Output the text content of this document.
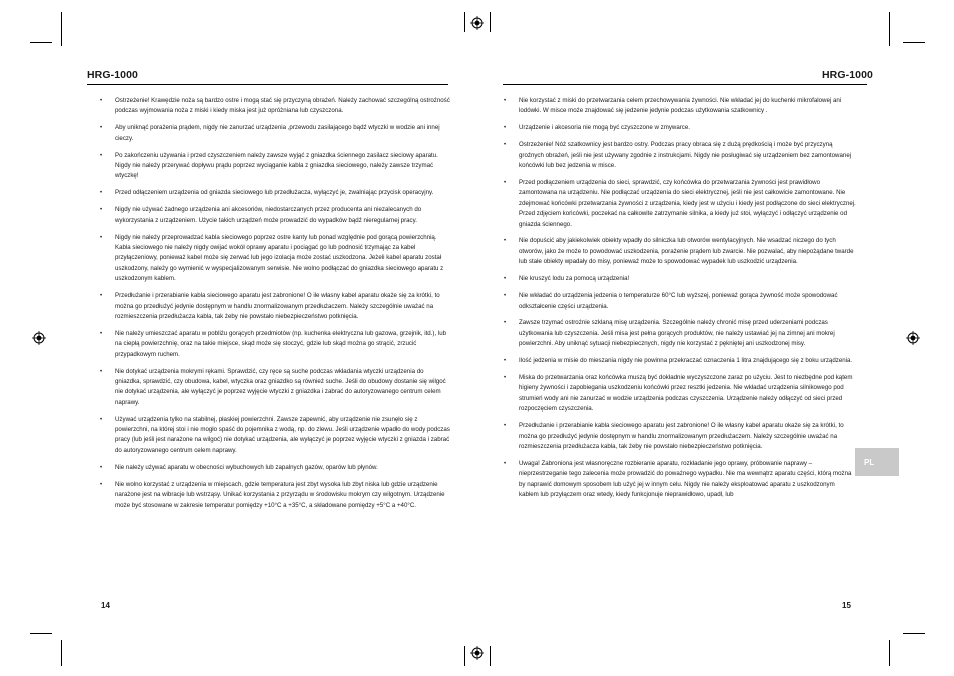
HRG-1000
• Ostrzeżenie! Krawędzie noża są bardzo ostre i mogą stać się przyczyną obrażeń. Należy zachować szczególną ostrożność podczas wyjmowania noża z miski i kiedy miska jest już opróżniana lub czyszczona.
• Aby uniknąć porażenia prądem, nigdy nie zanurzać urządzenia ,przewodu zasilającego bądź wtyczki w wodzie ani innej cieczy.
• Po zakończeniu używania i przed czyszczeniem należy zawsze wyjąć z gniazdka ściennego zasilacz sieciowy aparatu. Nigdy nie należy przerywać dopływu prądu poprzez wyciąganie kabla z gniazdka sieciowego, należy zawsze trzymać wtyczkę!
• Przed odłączeniem urządzenia od gniazda sieciowego lub przedłużacza, wyłączyć je, zwalniając przycisk operacyjny.
• Nigdy nie używać żadnego urządzenia ani akcesoriów, niedostarczanych przez producenta ani niezalecanych do wykorzystania z urządzeniem. Użycie takich urządzeń może prowadzić do wypadków bądź nieregularnej pracy.
• Nigdy nie należy przeprowadzać kabla sieciowego poprzez ostre kanty lub ponad względnie pod gorącą powierzchnią. Kabla sieciowego nie należy nigdy owijać wokół oprawy aparatu i pociągać go lub podnosić trzymając za kabel przyłączeniowy, ponieważ kabel może się zerwać lub jego izolacja może zostać uszkodzona. Jeżeli kabel aparatu został uszkodzony, należy go wymienić w wyspecjalizowanym serwisie. Nie wolno podłączać do gniazdka sieciowego aparatu z uszkodzonym kablem.
• Przedłużanie i przerabianie kabla sieciowego aparatu jest zabronione! O ile własny kabel aparatu okaże się za krótki, to można go przedłużyć jedynie dostępnym w handlu znormalizowanym przedłużaczem. Należy szczególnie uważać na rozmieszczenia przedłużacza kabla, tak żeby nie powstało niebezpieczeństwo potknięcia.
• Nie należy umieszczać aparatu w pobliżu gorących przedmiotów (np. kuchenka elektryczna lub gazowa, grzejnik, itd.), lub na ciepłą powierzchnię, oraz na takie miejsce, skąd może się stoczyć, gdzie lub skąd można go strącić, zrzucić przypadkowym ruchem.
• Nie dotykać urządzenia mokrymi rękami. Sprawdzić, czy ręce są suche podczas wkładania wtyczki urządzenia do gniazdka, sprawdzić, czy obudowa, kabel, wtyczka oraz gniazdko są również suche. Jeśli do obudowy dostanie się wilgoć nie dotykać urządzenia, ale wyłączyć je poprzez wyjęcie wtyczki z gniazdka i zabrać do autoryzowanego centrum celem naprawy.
• Używać urządzenia tylko na stabilnej, płaskiej powierzchni. Zawsze zapewnić, aby urządzenie nie zsunęło się z powierzchni, na której stoi i nie mogło spaść do pojemnika z wodą, np. do zlewu. Jeśli urządzenie wpadło do wody podczas pracy (lub jeśli jest narażone na wilgoć) nie dotykać urządzenia, ale wyłączyć je poprzez wyjęcie wtyczki z gniazda i zabrać do autoryzowanego centrum celem naprawy.
• Nie należy używać aparatu w obecności wybuchowych lub zapalnych gazów, oparów lub płynów.
• Nie wolno korzystać z urządzenia w miejscach, gdzie temperatura jest zbyt wysoka lub zbyt niska lub gdzie urządzenie narażone jest na wibracje lub wstrząsy. Unikać korzystania z przyrządu w środowisku mokrym czy wilgotnym. Urządzenie może być stosowane w zakresie temperatur pomiędzy +10°C a +35°C, a składowane pomiędzy +5°C a +40°C.
14
HRG-1000
• Nie korzystać z miski do przetwarzania celem przechowywania żywności. Nie wkładać jej do kuchenki mikrofalowej ani lodówki. W misce może znajdować się jedzenie jedynie podczas użytkowania szatkownicy .
• Urządzenie i akcesoria nie mogą być czyszczone w zmywarce.
• Ostrzeżenie! Nóż szatkownicy jest bardzo ostry. Podczas pracy obraca się z dużą prędkością i może być przyczyną groźnych obrażeń, jeśli nie jest używany zgodnie z instrukcjami. Nigdy nie posługiwać się urządzeniem bez zamontowanej końcówki lub bez jedzenia w misce.
• Przed podłączeniem urządzenia do sieci, sprawdzić, czy końcówka do przetwarzania żywności jest prawidłowo zamontowana na urządzeniu. Nie podłączać urządzenia do sieci elektrycznej, jeśli nie jest całkowicie zamontowane. Nie zdejmować końcówki przetwarzania żywności z urządzenia, kiedy jest w użyciu i kiedy jest podłączone do sieci elektrycznej. Przed zdjęciem końcówki, poczekać na całkowite zatrzymanie silnika, a kiedy już stoi, wyłączyć i odłączyć urządzenie od gniazda ściennego.
• Nie dopuścić aby jakiekolwiek obiekty wpadły do silniczka lub otworów wentylacyjnych. Nie wsadzać niczego do tych otworów, jako że może to powodować uszkodzenia, porażenie prądem lub zwarcie. Nie pozwalać, aby niepożądane twarde lub stałe obiekty wpadały do misy, ponieważ może to spowodować wypadek lub uszkodzić urządzenia.
• Nie kruszyć lodu za pomocą urządzenia!
• Nie wkładać do urządzenia jedzenia o temperaturze 60°C lub wyższej, ponieważ gorąca żywność może spowodować odkształcenie części urządzenia.
• Zawsze trzymać ostrożnie szklaną misę urządzenia. Szczególnie należy chronić misę przed uderzeniami podczas użytkowania lub czyszczenia. Jeśli misa jest pełna gorących produktów, nie należy ustawiać jej na zimnej ani mokrej powierzchni. Aby uniknąć sytuacji niebezpiecznych, nigdy nie korzystać z pękniętej ani uszkodzonej misy.
• Ilość jedzenia w misie do mieszania nigdy nie powinna przekraczać oznaczenia 1 litra znajdującego się z boku urządzenia.
• Miska do przetwarzania oraz końcówka muszą być dokładnie wyczyszczone zaraz po użyciu. Jest to niezbędne pod kątem higieny żywności i zapobiegania uszkodzeniu końcówki przez resztki jedzenia. Nie wkładać urządzenia silnikowego pod strumień wody ani nie zanurzać w wodzie urządzenia podczas czyszczenia. Urządzenie należy odłączyć od sieci przed rozpoczęciem czyszczenia.
• Przedłużanie i przerabianie kabla sieciowego aparatu jest zabronione! O ile własny kabel aparatu okaże się za krótki, to można go przedłużyć jedynie dostępnym w handlu znormalizowanym przedłużaczem. Należy szczególnie uważać na rozmieszczenia przedłużacza kabla, tak żeby nie powstało niebezpieczeństwo potknięcia.
• Uwaga! Zabroniona jest własnoręczne rozbieranie aparatu, rozkładanie jego oprawy, próbowanie naprawy – nieprzestrzeganie tego zalecenia może prowadzić do poważnego wypadku. Nie ma wewnątrz aparatu części, którą można by naprawić domowym sposobem lub użyć jej w innym celu. Nigdy nie należy eksploatować aparatu z uszkodzonym kablem lub przyłączem oraz wtedy, kiedy funkcjonuje nieprawidłowo, upadł, lub
PL
15
